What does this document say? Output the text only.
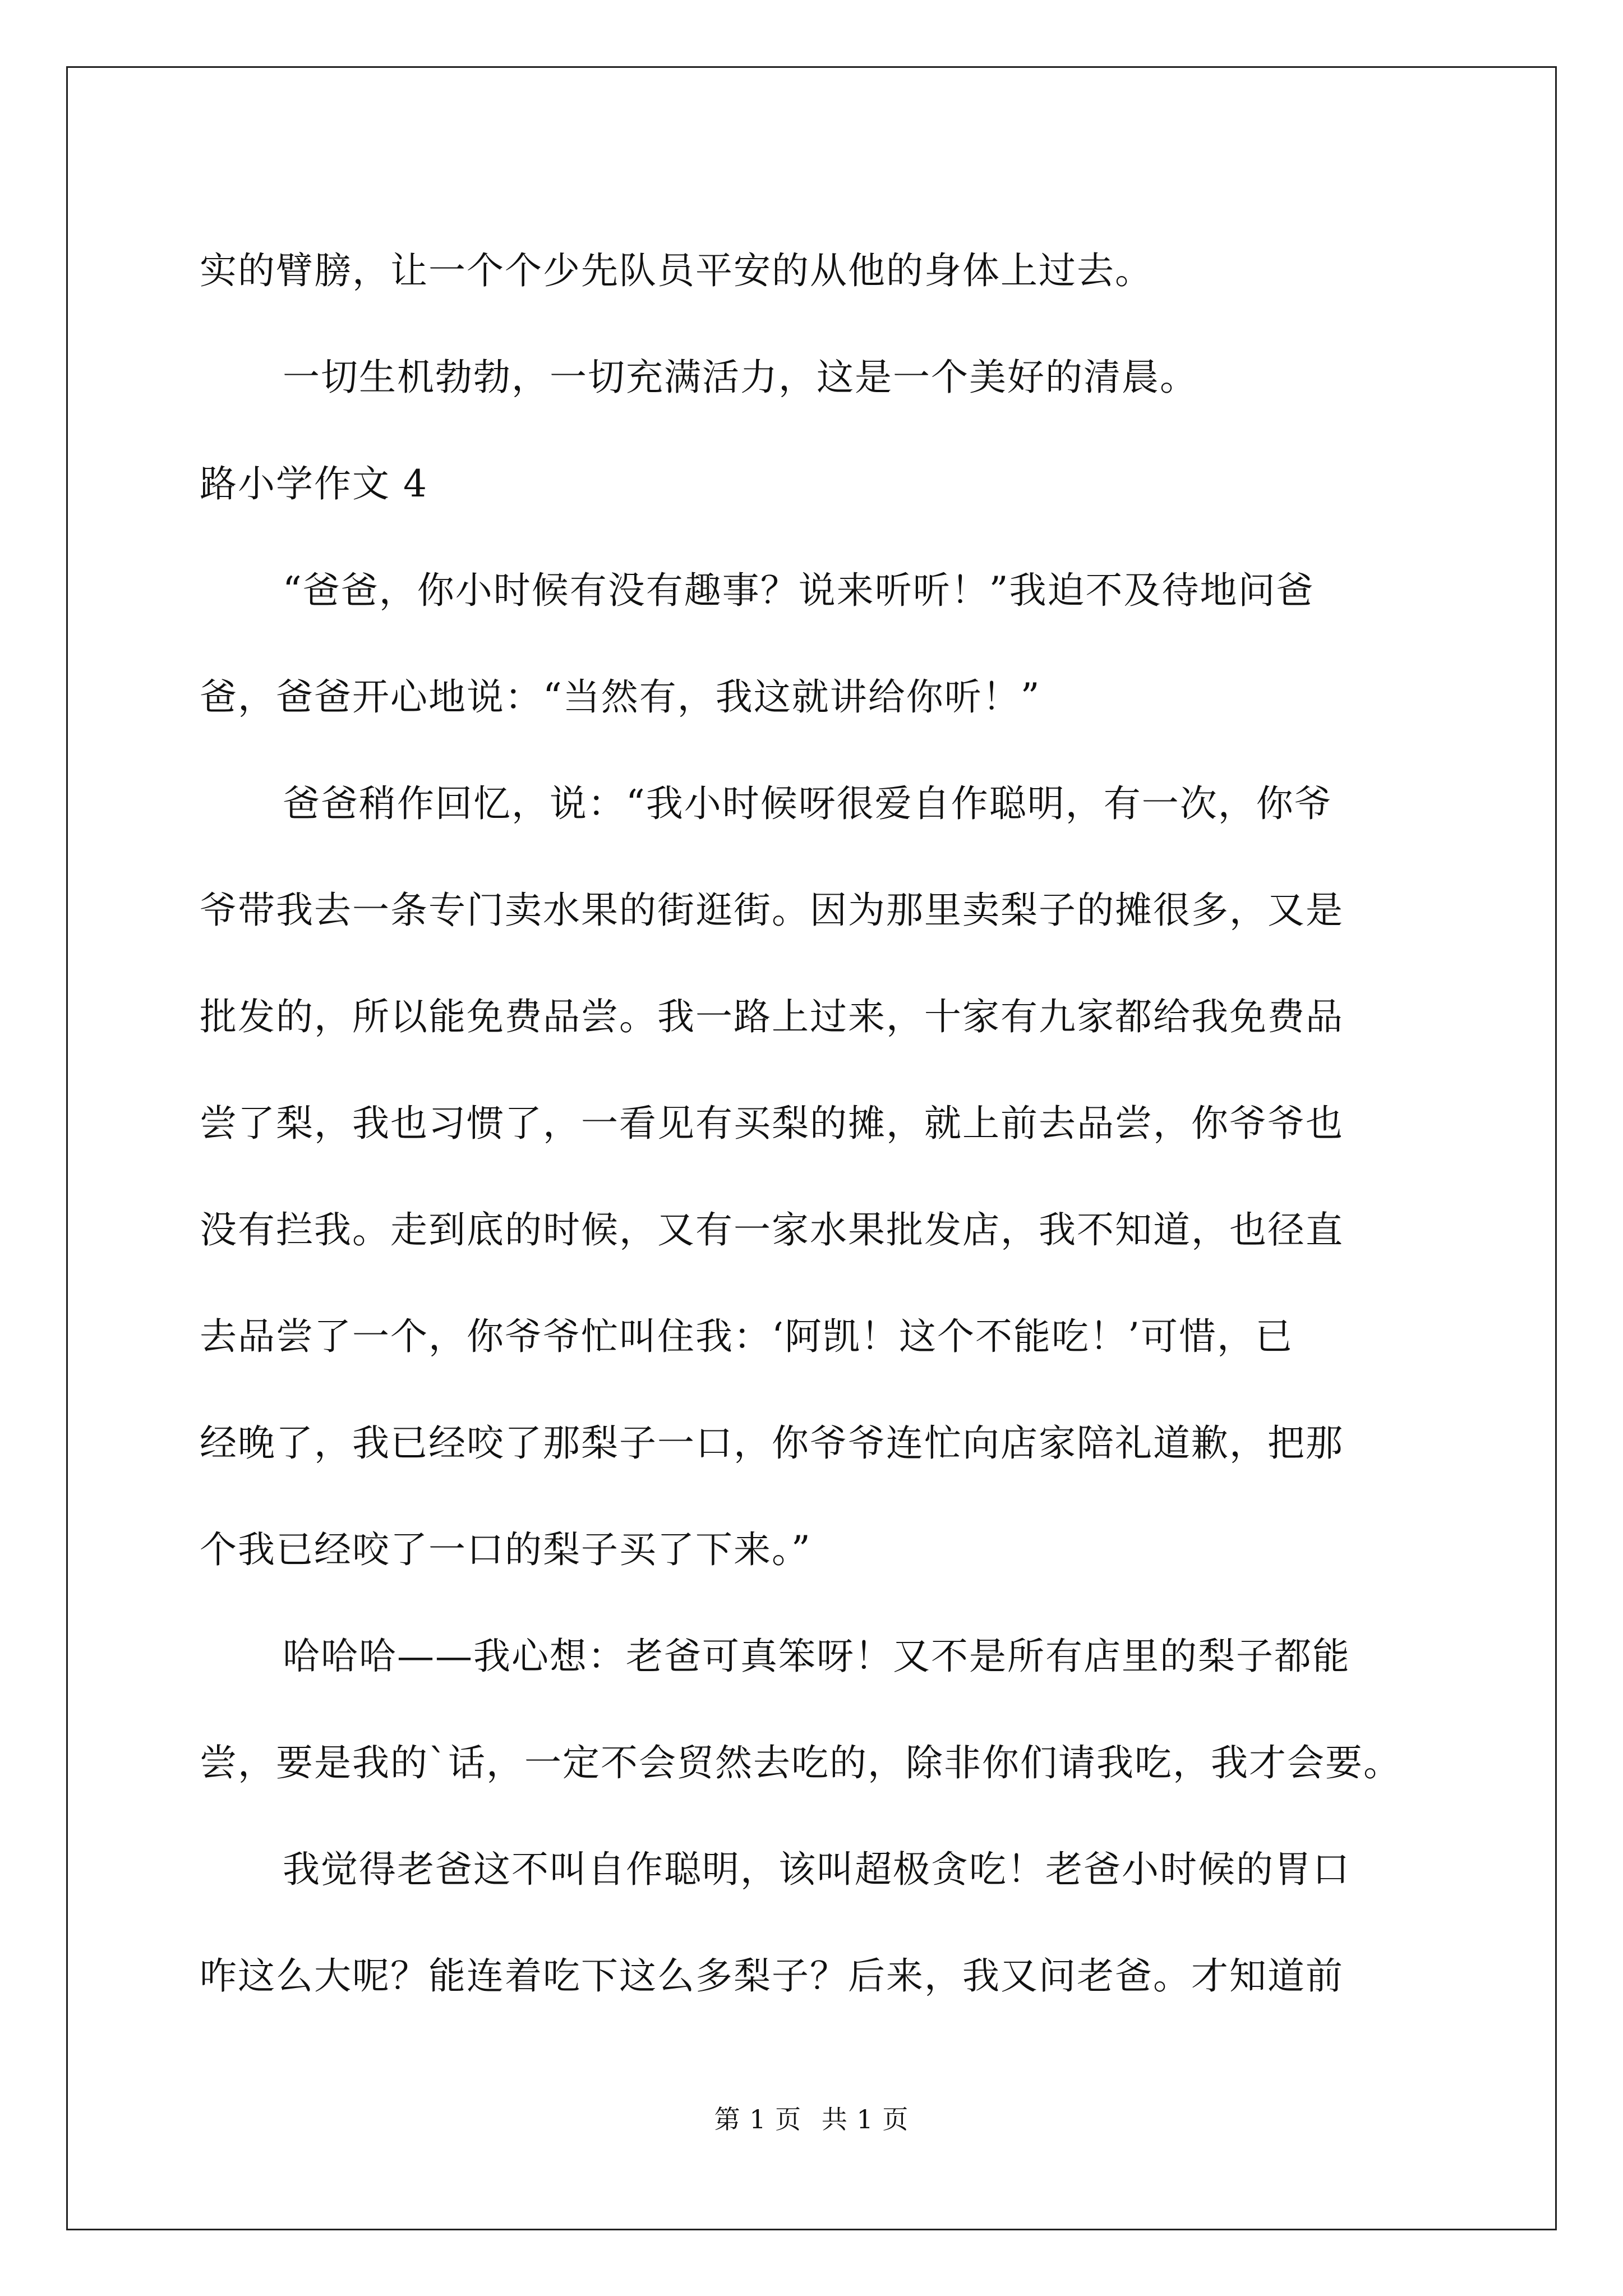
实的臂膀，让一个个少先队员平安的从他的身体上过去。
一切生机勃勃，一切充满活力，这是一个美好的清晨。
路小学作文 4
“爸爸，你小时候有没有趣事？说来听听！”我迫不及待地问爸
爸，爸爸开心地说：“当然有，我这就讲给你听！”
爸爸稍作回忆，说：“我小时候呀很爱自作聪明，有一次，你爷
爷带我去一条专门卖水果的街逛街。因为那里卖梨子的摊很多，又是
批发的，所以能免费品尝。我一路上过来，十家有九家都给我免费品
尝了梨，我也习惯了，一看见有买梨的摊，就上前去品尝，你爷爷也
没有拦我。走到底的时候，又有一家水果批发店，我不知道，也径直
去品尝了一个，你爷爷忙叫住我：‘阿凯！这个不能吃！’可惜，已
经晚了，我已经咬了那梨子一口，你爷爷连忙向店家陪礼道歉，把那
个我已经咬了一口的梨子买了下来。”
哈哈哈——我心想：老爸可真笨呀！又不是所有店里的梨子都能
尝，要是我的`话，一定不会贸然去吃的，除非你们请我吃，我才会要。
我觉得老爸这不叫自作聪明，该叫超极贪吃！老爸小时候的胃口
咋这么大呢？能连着吃下这么多梨子？后来，我又问老爸。才知道前
第 1 页 共 1 页
